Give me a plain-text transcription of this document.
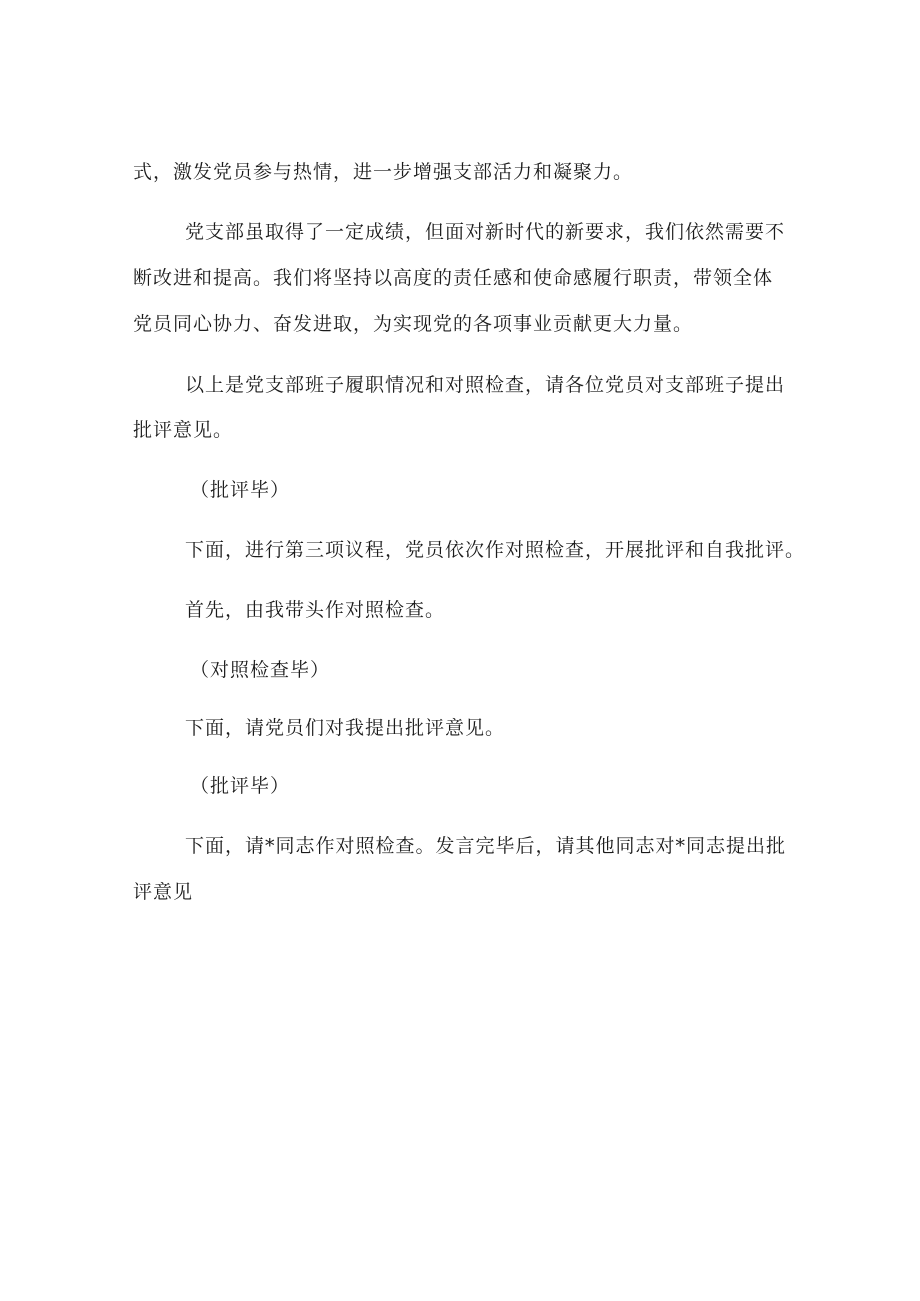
式，激发党员参与热情，进一步增强支部活力和凝聚力。
党支部虽取得了一定成绩，但面对新时代的新要求，我们依然需要不
断改进和提高。我们将坚持以高度的责任感和使命感履行职责，带领全体
党员同心协力、奋发进取，为实现党的各项事业贡献更大力量。
以上是党支部班子履职情况和对照检查，请各位党员对支部班子提出
批评意见。
（批评毕）
下面，进行第三项议程，党员依次作对照检查，开展批评和自我批评。
首先，由我带头作对照检查。
（对照检查毕）
下面，请党员们对我提出批评意见。
（批评毕）
下面，请*同志作对照检查。发言完毕后，请其他同志对*同志提出批
评意见
